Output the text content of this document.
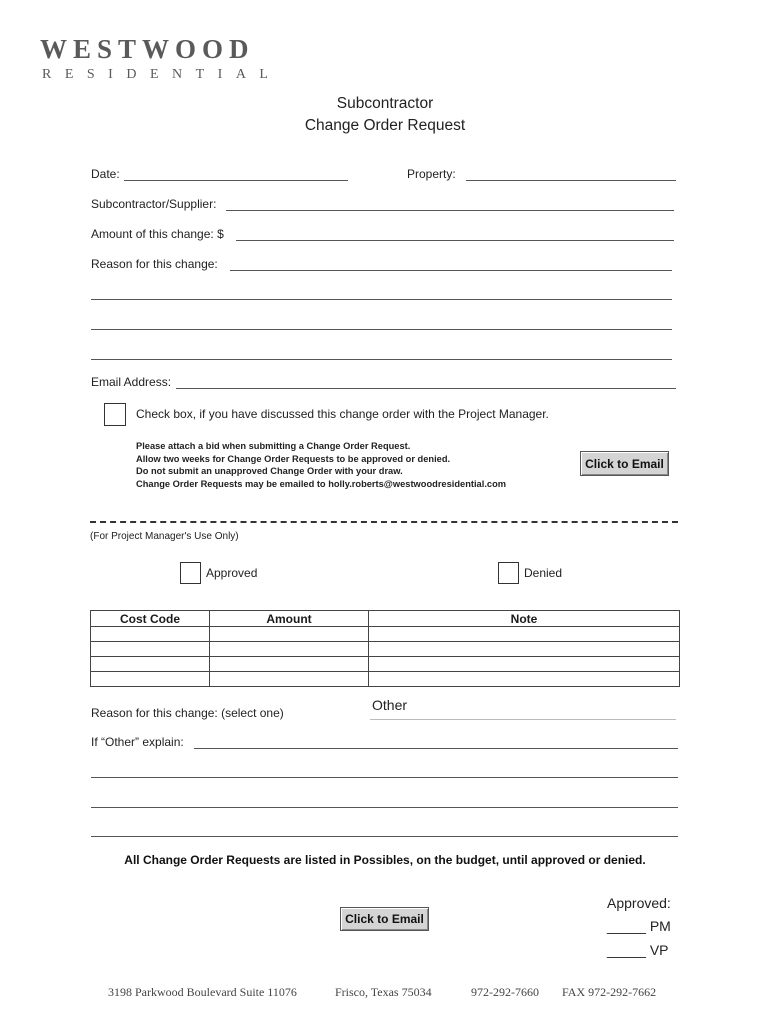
WESTWOOD
RESIDENTIAL
Subcontractor
Change Order Request
Date:	Property:
Subcontractor/Supplier:
Amount of this change: $
Reason for this change:
Email Address:
Check box, if you have discussed this change order with the Project Manager.
Please attach a bid when submitting a Change Order Request.
Allow two weeks for Change Order Requests to be approved or denied.
Do not submit an unapproved Change Order with your draw.
Change Order Requests may be emailed to holly.roberts@westwoodresidential.com
Click to Email
(For Project Manager's Use Only)
Approved	Denied
Cost Code	Amount	Note

Reason for this change: (select one)	Other
If “Other” explain:
All Change Order Requests are listed in Possibles, on the budget, until approved or denied.
Click to Email
Approved:
_____ PM
_____ VP
3198 Parkwood Boulevard Suite 11076	Frisco, Texas 75034	972-292-7660 FAX 972-292-7662
